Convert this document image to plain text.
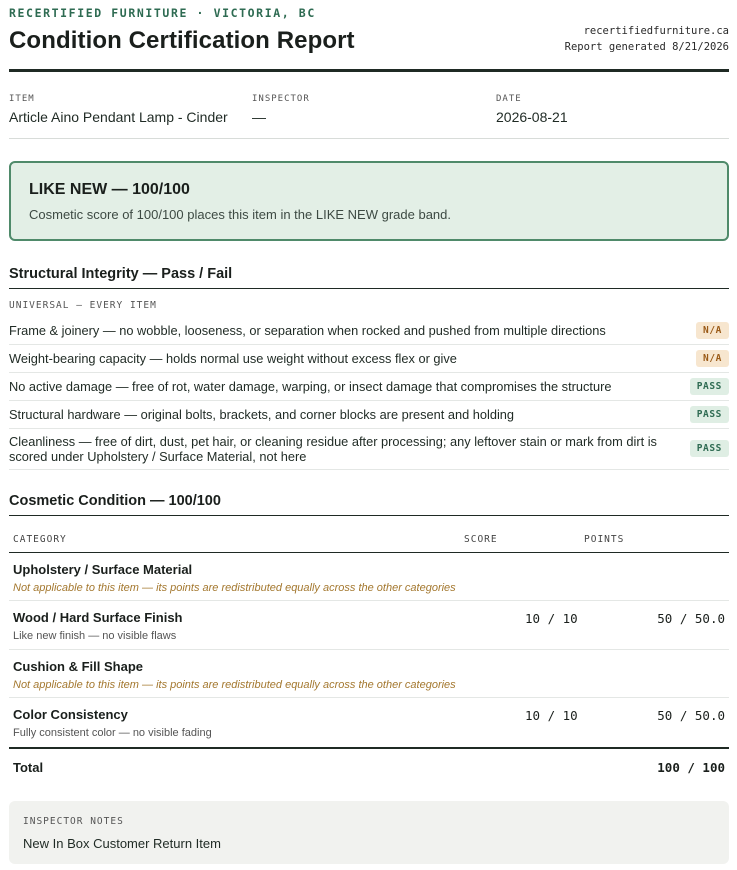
RECERTIFIED FURNITURE · VICTORIA, BC
Condition Certification Report	recertifiedfurniture.ca
Report generated 8/21/2026
ITEM
Article Aino Pendant Lamp - Cinder
INSPECTOR
—
DATE
2026-08-21
LIKE NEW — 100/100
Cosmetic score of 100/100 places this item in the LIKE NEW grade band.
Structural Integrity — Pass / Fail
UNIVERSAL — EVERY ITEM
Frame & joinery — no wobble, looseness, or separation when rocked and pushed from multiple directions	N/A
Weight-bearing capacity — holds normal use weight without excess flex or give	N/A
No active damage — free of rot, water damage, warping, or insect damage that compromises the structure	PASS
Structural hardware — original bolts, brackets, and corner blocks are present and holding	PASS
Cleanliness — free of dirt, dust, pet hair, or cleaning residue after processing; any leftover stain or mark from dirt is scored under Upholstery / Surface Material, not here
PASS
Cosmetic Condition — 100/100
CATEGORY	SCORE	POINTS
Upholstery / Surface Material
Not applicable to this item — its points are redistributed equally across the other categories
Wood / Hard Surface Finish
Like new finish — no visible flaws
10 / 10	50 / 50.0
Cushion & Fill Shape
Not applicable to this item — its points are redistributed equally across the other categories
Color Consistency
Fully consistent color — no visible fading
10 / 10	50 / 50.0
Total	100 / 100
INSPECTOR NOTES
New In Box Customer Return Item
